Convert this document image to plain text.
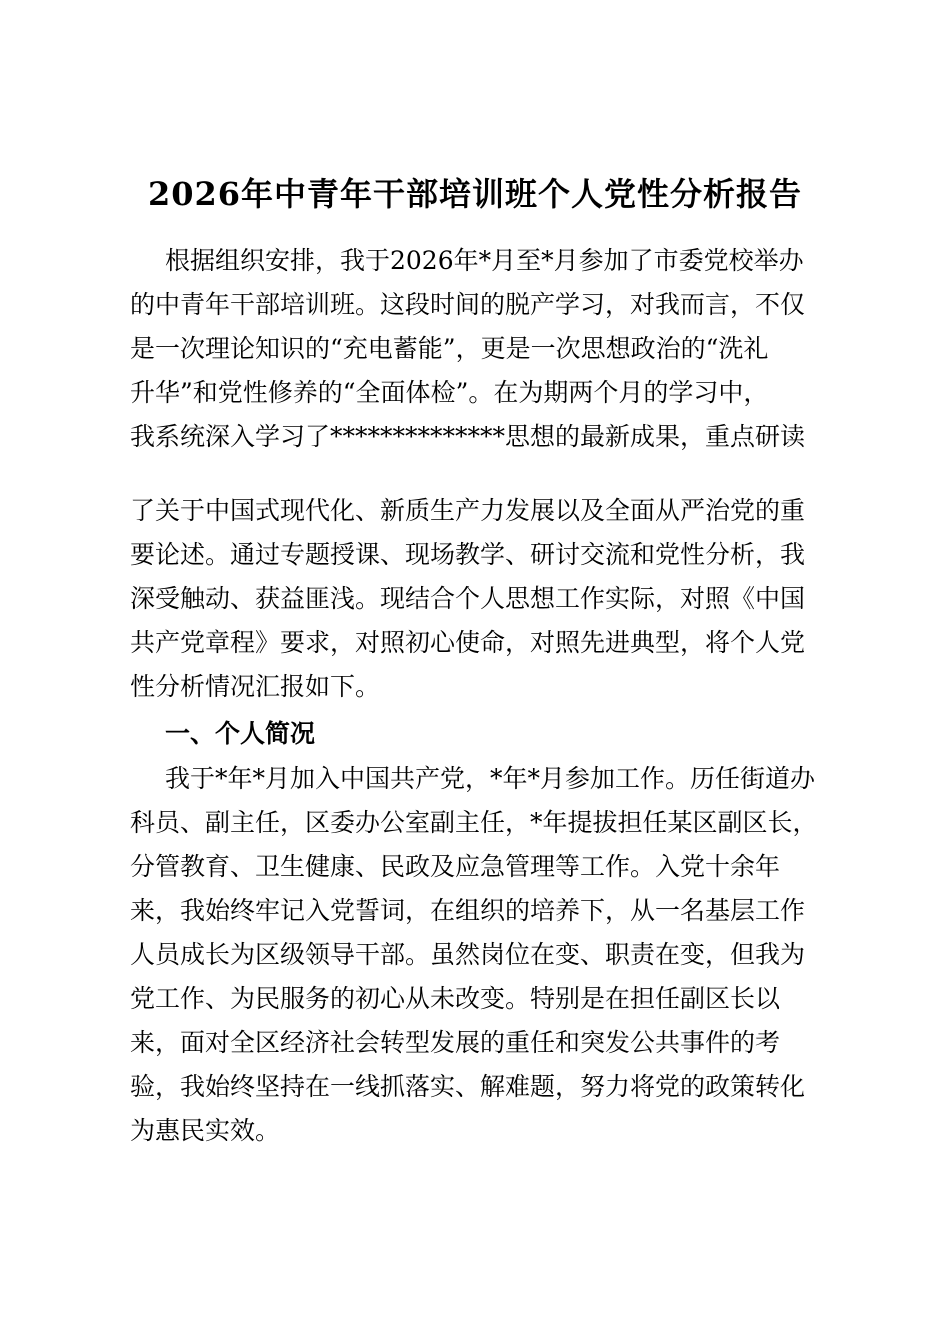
2026年中青年干部培训班个人党性分析报告
根据组织安排，我于2026年*月至*月参加了市委党校举办
的中青年干部培训班。这段时间的脱产学习，对我而言，不仅
是一次理论知识的“充电蓄能”，更是一次思想政治的“洗礼
升华”和党性修养的“全面体检”。在为期两个月的学习中，
我系统深入学习了**************思想的最新成果，重点研读
了关于中国式现代化、新质生产力发展以及全面从严治党的重
要论述。通过专题授课、现场教学、研讨交流和党性分析，我
深受触动、获益匪浅。现结合个人思想工作实际，对照《中国
共产党章程》要求，对照初心使命，对照先进典型，将个人党
性分析情况汇报如下。
一、个人简况
我于*年*月加入中国共产党，*年*月参加工作。历任街道办
科员、副主任，区委办公室副主任，*年提拔担任某区副区长，
分管教育、卫生健康、民政及应急管理等工作。入党十余年
来，我始终牢记入党誓词，在组织的培养下，从一名基层工作
人员成长为区级领导干部。虽然岗位在变、职责在变，但我为
党工作、为民服务的初心从未改变。特别是在担任副区长以
来，面对全区经济社会转型发展的重任和突发公共事件的考
验，我始终坚持在一线抓落实、解难题，努力将党的政策转化
为惠民实效。
